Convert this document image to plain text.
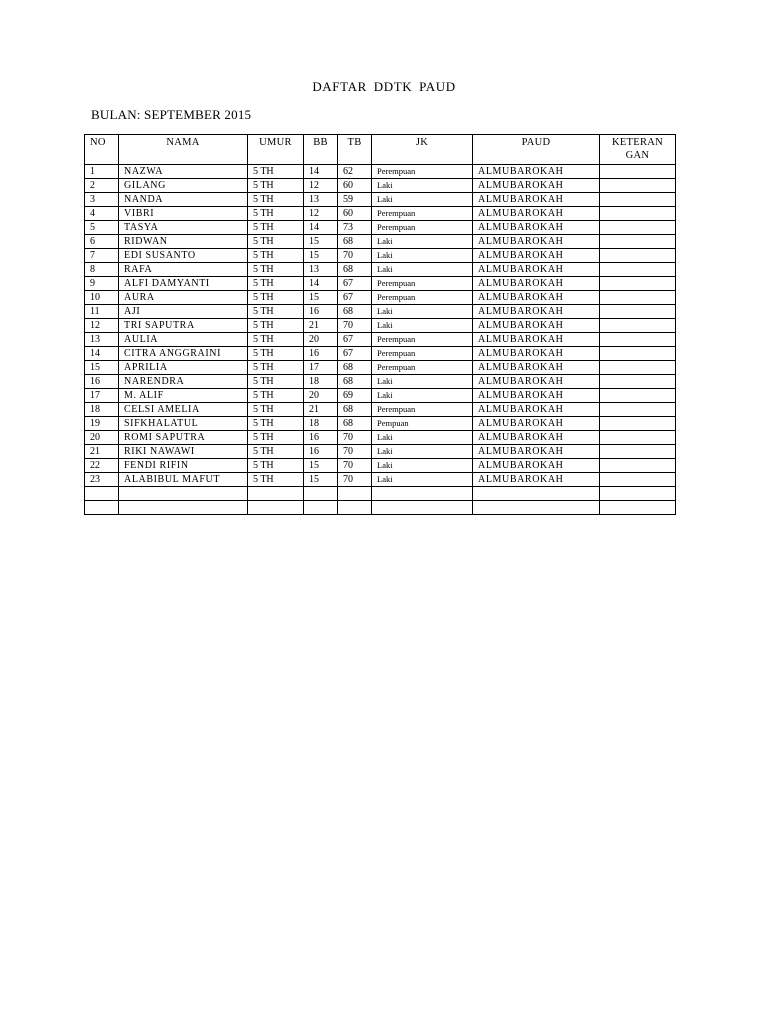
DAFTAR DDTK PAUD
BULAN: SEPTEMBER 2015
NO	NAMA	UMUR	BB	TB	JK	PAUD	KETERAN GAN
1	NAZWA	5 TH	14	62	Perempuan	ALMUBAROKAH	
2	GILANG	5 TH	12	60	Laki	ALMUBAROKAH	
3	NANDA	5 TH	13	59	Laki	ALMUBAROKAH	
4	VIBRI	5 TH	12	60	Perempuan	ALMUBAROKAH	
5	TASYA	5 TH	14	73	Perempuan	ALMUBAROKAH	
6	RIDWAN	5 TH	15	68	Laki	ALMUBAROKAH	
7	EDI SUSANTO	5 TH	15	70	Laki	ALMUBAROKAH	
8	RAFA	5 TH	13	68	Laki	ALMUBAROKAH	
9	ALFI DAMYANTI	5 TH	14	67	Perempuan	ALMUBAROKAH	
10	AURA	5 TH	15	67	Perempuan	ALMUBAROKAH	
11	AJI	5 TH	16	68	Laki	ALMUBAROKAH	
12	TRI SAPUTRA	5 TH	21	70	Laki	ALMUBAROKAH	
13	AULIA	5 TH	20	67	Perempuan	ALMUBAROKAH	
14	CITRA ANGGRAINI	5 TH	16	67	Perempuan	ALMUBAROKAH	
15	APRILIA	5 TH	17	68	Perempuan	ALMUBAROKAH	
16	NARENDRA	5 TH	18	68	Laki	ALMUBAROKAH	
17	M. ALIF	5 TH	20	69	Laki	ALMUBAROKAH	
18	CELSI AMELIA	5 TH	21	68	Perempuan	ALMUBAROKAH	
19	SIFKHALATUL	5 TH	18	68	Pempuan	ALMUBAROKAH	
20	ROMI SAPUTRA	5 TH	16	70	Laki	ALMUBAROKAH	
21	RIKI NAWAWI	5 TH	16	70	Laki	ALMUBAROKAH	
22	FENDI RIFIN	5 TH	15	70	Laki	ALMUBAROKAH	
23	ALABIBUL MAFUT	5 TH	15	70	Laki	ALMUBAROKAH	
